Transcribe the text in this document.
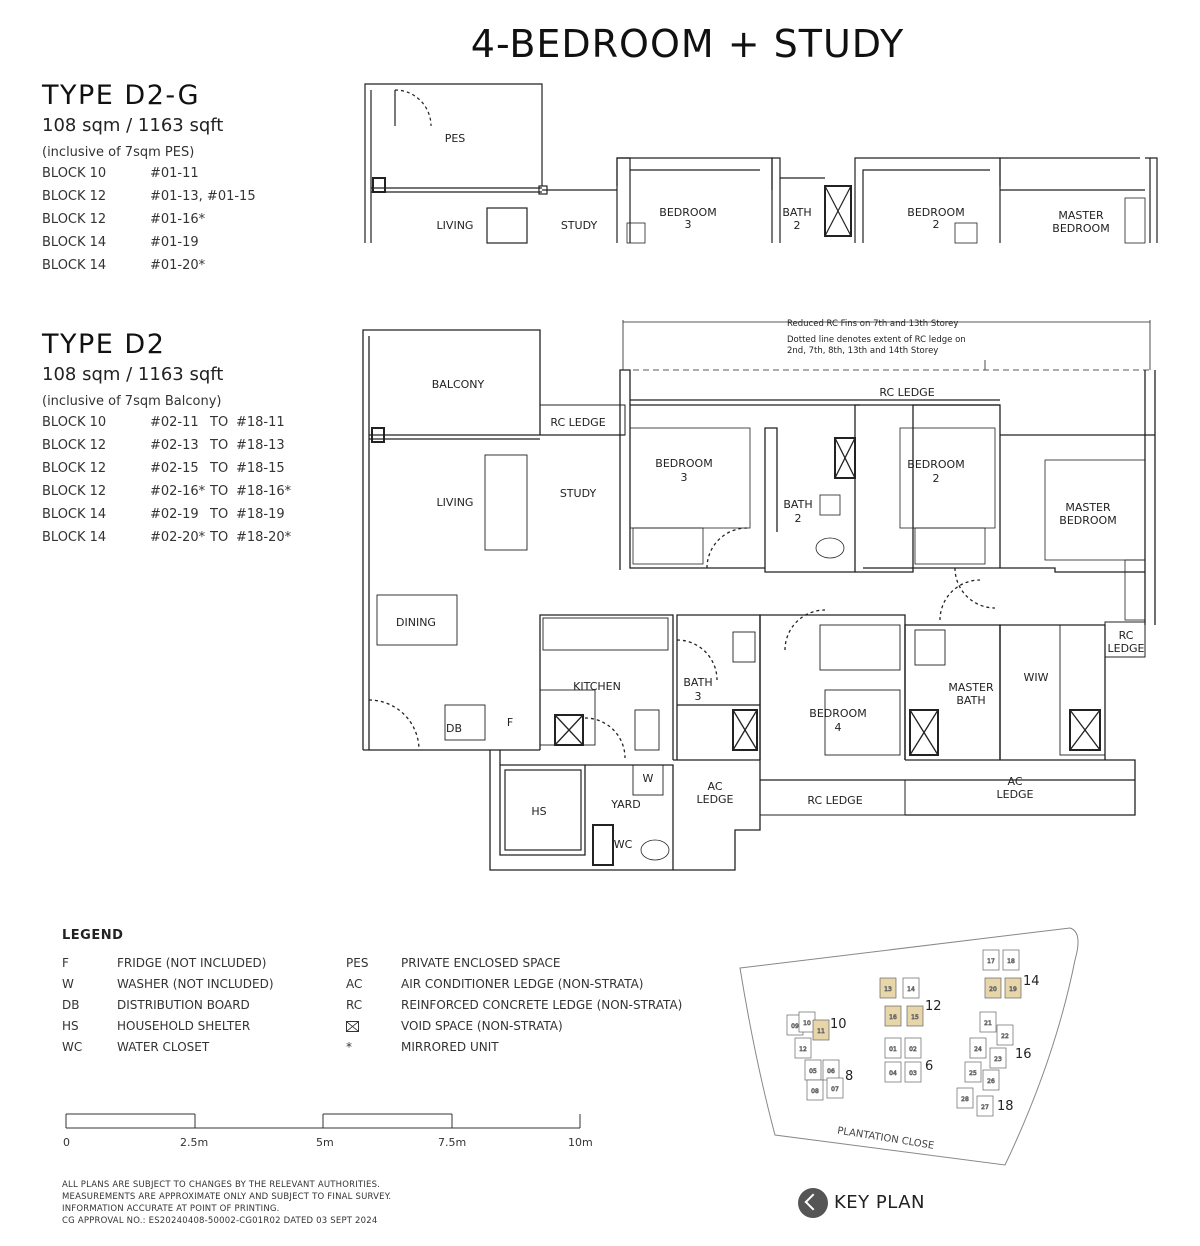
4-BEDROOM + STUDY
TYPE D2-G
108 sqm / 1163 sqft
(inclusive of 7sqm PES)
BLOCK 10	#01-11
BLOCK 12	#01-13, #01-15
BLOCK 12	#01-16*
BLOCK 14	#01-19
BLOCK 14	#01-20*
TYPE D2
108 sqm / 1163 sqft
(inclusive of 7sqm Balcony)
BLOCK 10	#02-11 TO #18-11
BLOCK 12	#02-13 TO #18-13
BLOCK 12	#02-15 TO #18-15
BLOCK 12	#02-16* TO #18-16*
BLOCK 14	#02-19 TO #18-19
BLOCK 14	#02-20* TO #18-20*
PES
LIVING	STUDY
BEDROOM
3
BATH
2
BEDROOM
2
MASTER
BEDROOM
Reduced RC Fins on 7th and 13th Storey
Dotted line denotes extent of RC ledge on
2nd, 7th, 8th, 13th and 14th Storey
BALCONY
RC LEDGE
LIVING
STUDY
RC LEDGE
BEDROOM
3
BATH
2
BEDROOM
2
MASTER
BEDROOM
RC
LEDGE
DINING
KITCHEN	BATH
3
BEDROOM
4
MASTER
BATH
WIW
DB	F
W
HS
YARD
WC
AC
LEDGE	RC LEDGE
AC
LEDGE
LEGEND
F	FRIDGE (NOT INCLUDED)
W	WASHER (NOT INCLUDED)
DB	DISTRIBUTION BOARD
HS	HOUSEHOLD SHELTER
WC	WATER CLOSET
PES	PRIVATE ENCLOSED SPACE
AC	AIR CONDITIONER LEDGE (NON-STRATA)
RC	REINFORCED CONCRETE LEDGE (NON-STRATA)
VOID SPACE (NON-STRATA)
*	MIRRORED UNIT
0	2.5m	5m	7.5m	10m
ALL PLANS ARE SUBJECT TO CHANGES BY THE RELEVANT AUTHORITIES.
MEASUREMENTS ARE APPROXIMATE ONLY AND SUBJECT TO FINAL SURVEY.
INFORMATION ACCURATE AT POINT OF PRINTING.
CG APPROVAL NO.: ES20240408-50002-CG01R02 DATED 03 SEPT 2024
09 10
11
12
05 06
08 07
13	14
16 15
01 02
04 03
17 18
20 19
21
22
24
23
25
26
28
27
10
12
14
8
6
16
18
PLANTATION CLOSE
KEY PLAN
